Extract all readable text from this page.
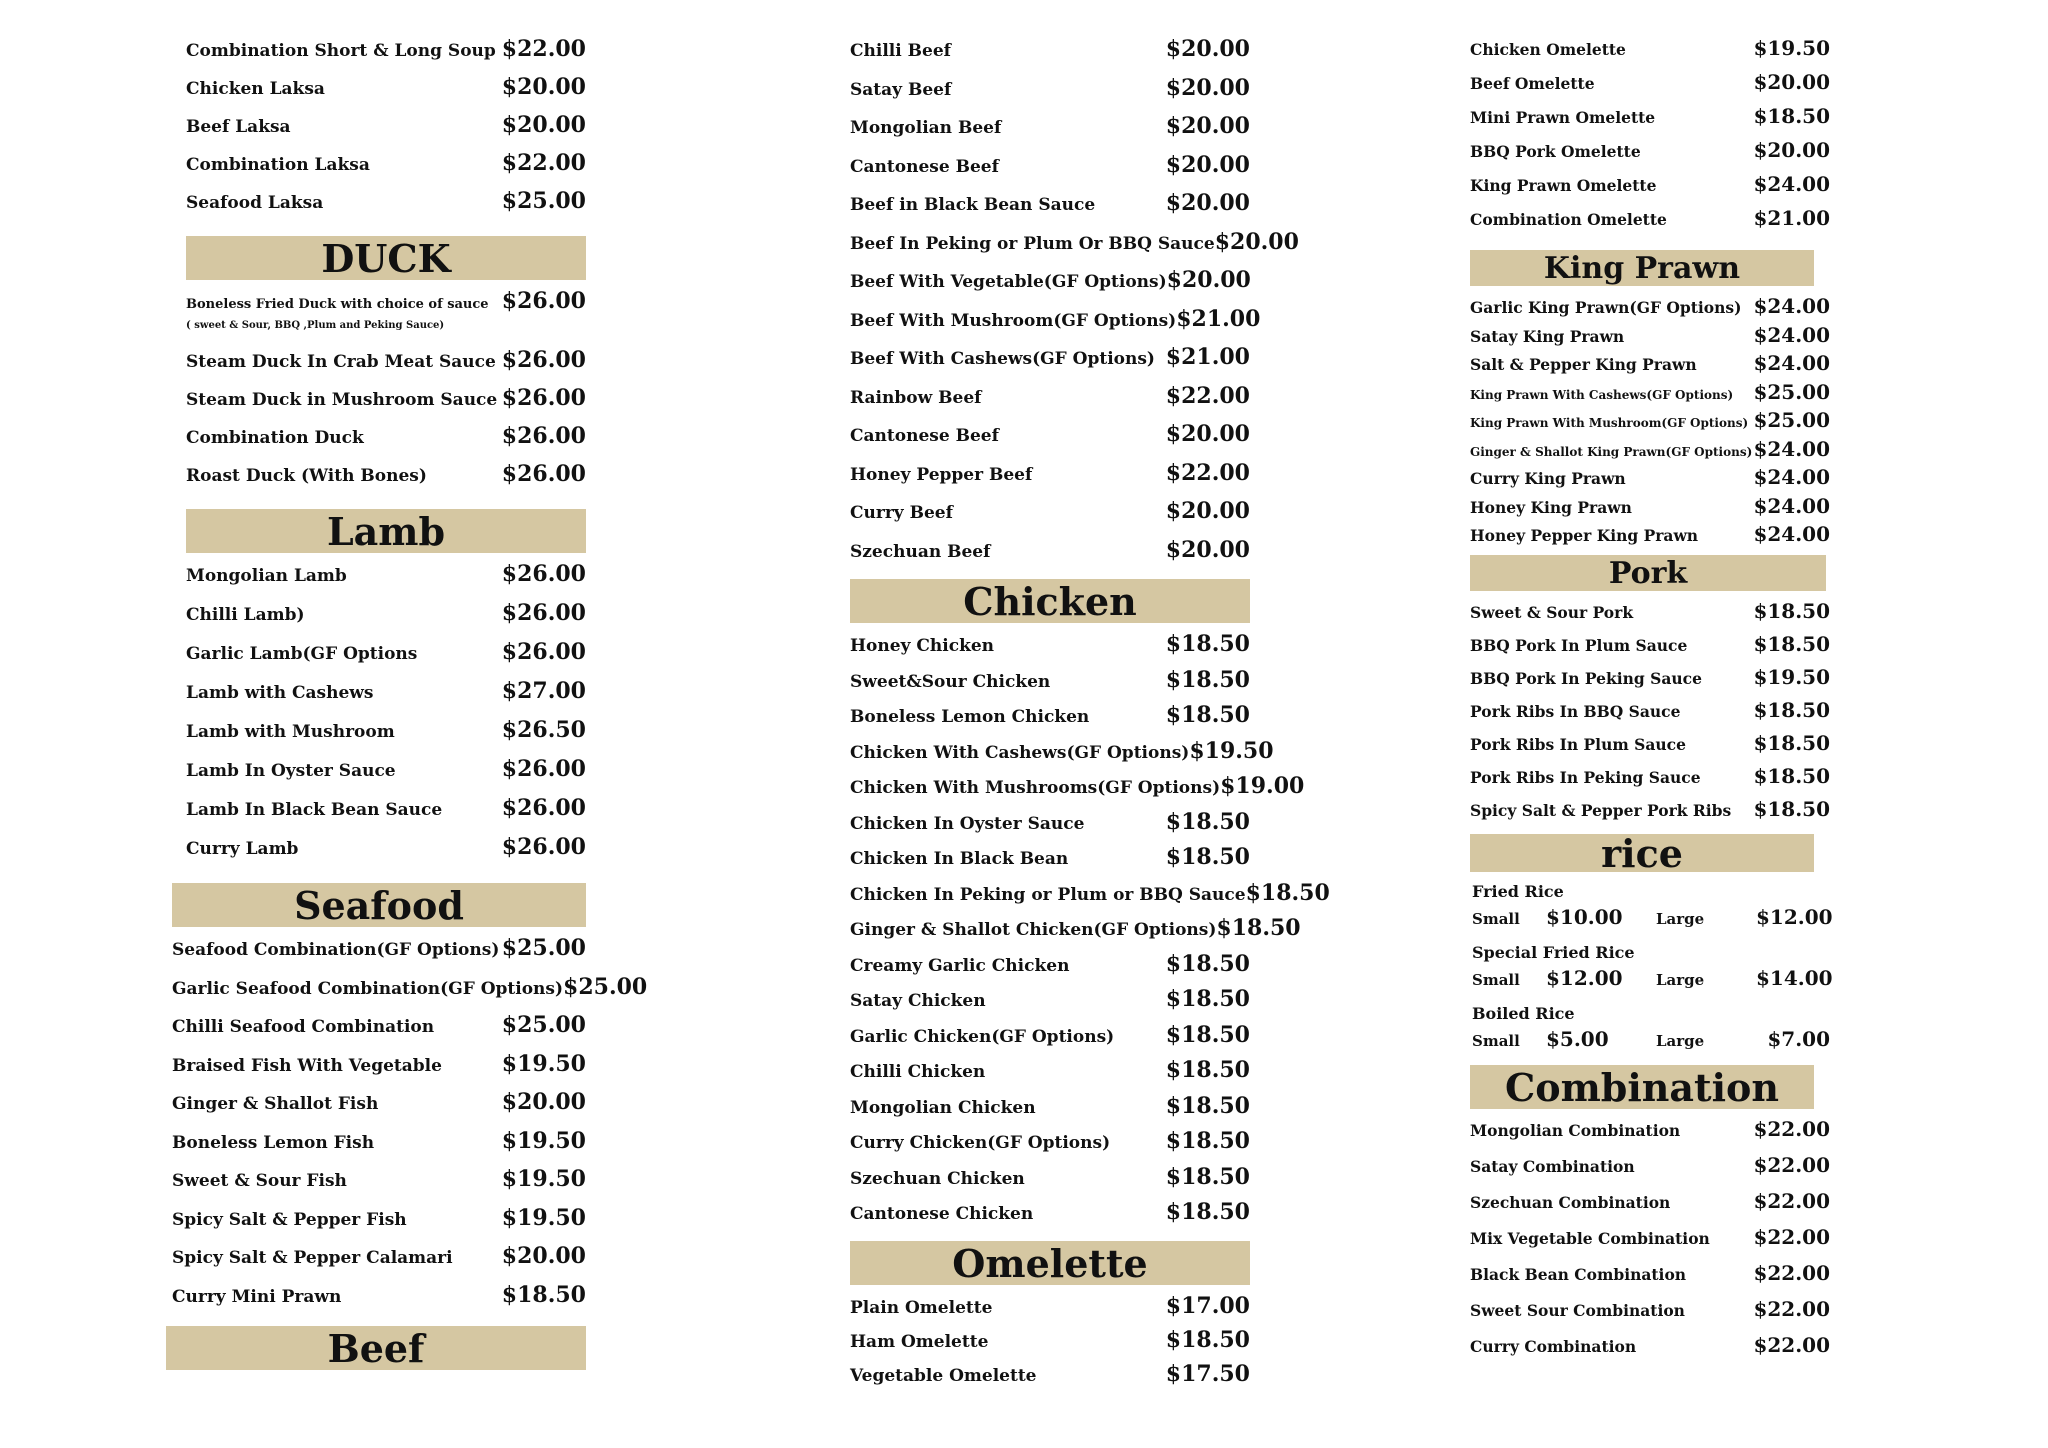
Combination Short & Long Soup $22.00
Chicken Laksa	$20.00
Beef Laksa	$20.00
Combination Laksa	$22.00
Seafood Laksa	$25.00
DUCK
Boneless Fried Duck with choice of sauce $26.00
( sweet & Sour, BBQ ,Plum and Peking Sauce)
Steam Duck In Crab Meat Sauce $26.00
Steam Duck in Mushroom Sauce $26.00
Combination Duck	$26.00
Roast Duck (With Bones)	$26.00
Lamb
Mongolian Lamb	$26.00
Chilli Lamb)	$26.00
Garlic Lamb(GF Options	$26.00
Lamb with Cashews	$27.00
Lamb with Mushroom	$26.50
Lamb In Oyster Sauce	$26.00
Lamb In Black Bean Sauce	$26.00
Curry Lamb	$26.00
Seafood
Seafood Combination(GF Options) $25.00
Garlic Seafood Combination(GF Options) $25.00
Chilli Seafood Combination	$25.00
Braised Fish With Vegetable	$19.50
Ginger & Shallot Fish	$20.00
Boneless Lemon Fish	$19.50
Sweet & Sour Fish	$19.50
Spicy Salt & Pepper Fish	$19.50
Spicy Salt & Pepper Calamari $20.00
Curry Mini Prawn	$18.50
Beef
Chilli Beef	$20.00
Satay Beef	$20.00
Mongolian Beef	$20.00
Cantonese Beef	$20.00
Beef in Black Bean Sauce	$20.00
Beef In Peking or Plum Or BBQ Sauce $20.00
Beef With Vegetable(GF Options) $20.00
Beef With Mushroom(GF Options) $21.00
Beef With Cashews(GF Options) $21.00
Rainbow Beef	$22.00
Cantonese Beef	$20.00
Honey Pepper Beef	$22.00
Curry Beef	$20.00
Szechuan Beef	$20.00
Chicken
Honey Chicken	$18.50
Sweet&Sour Chicken	$18.50
Boneless Lemon Chicken	$18.50
Chicken With Cashews(GF Options) $19.50
Chicken With Mushrooms(GF Options) $19.00
Chicken In Oyster Sauce	$18.50
Chicken In Black Bean	$18.50
Chicken In Peking or Plum or BBQ Sauce $18.50
Ginger & Shallot Chicken(GF Options) $18.50
Creamy Garlic Chicken	$18.50
Satay Chicken	$18.50
Garlic Chicken(GF Options) $18.50
Chilli Chicken	$18.50
Mongolian Chicken	$18.50
Curry Chicken(GF Options)	$18.50
Szechuan Chicken	$18.50
Cantonese Chicken	$18.50
Omelette
Plain Omelette	$17.00
Ham Omelette	$18.50
Vegetable Omelette	$17.50
Chicken Omelette	$19.50
Beef Omelette	$20.00
Mini Prawn Omelette	$18.50
BBQ Pork Omelette	$20.00
King Prawn Omelette	$24.00
Combination Omelette	$21.00
King Prawn
Garlic King Prawn(GF Options) $24.00
Satay King Prawn	$24.00
Salt & Pepper King Prawn	$24.00
King Prawn With Cashews(GF Options) $25.00
King Prawn With Mushroom(GF Options) $25.00
Ginger & Shallot King Prawn(GF Options) $24.00
Curry King Prawn	$24.00
Honey King Prawn	$24.00
Honey Pepper King Prawn	$24.00
Pork
Sweet & Sour Pork	$18.50
BBQ Pork In Plum Sauce	$18.50
BBQ Pork In Peking Sauce	$19.50
Pork Ribs In BBQ Sauce	$18.50
Pork Ribs In Plum Sauce	$18.50
Pork Ribs In Peking Sauce	$18.50
Spicy Salt & Pepper Pork Ribs $18.50
rice
Fried Rice
Small	$10.00	Large	$12.00
Special Fried Rice
Small	$12.00	Large	$14.00
Boiled Rice
Small	$5.00	Large	$7.00
Combination
Mongolian Combination	$22.00
Satay Combination	$22.00
Szechuan Combination	$22.00
Mix Vegetable Combination $22.00
Black Bean Combination	$22.00
Sweet Sour Combination	$22.00
Curry Combination	$22.00
